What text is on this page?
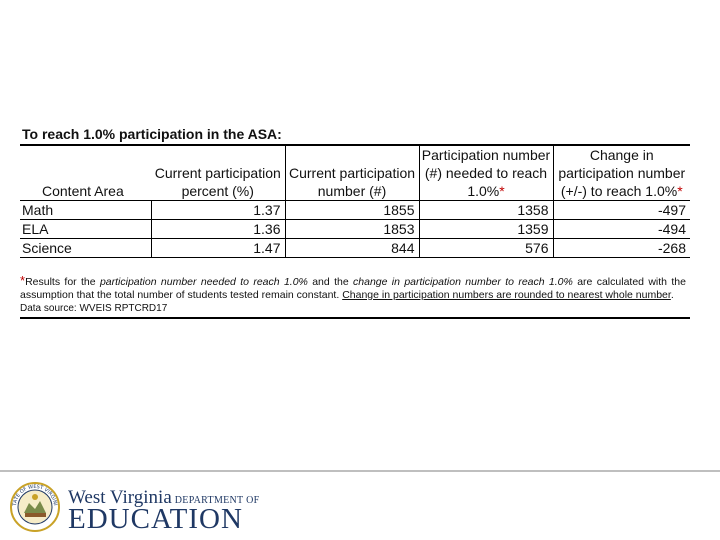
To reach 1.0% participation in the ASA:
Content Area	Current participation percent (%)	Current participation number (#)	Participation number (#) needed to reach 1.0%*	Change in participation number (+/-) to reach 1.0%*
Math	1.37	1855	1358	-497
ELA	1.36	1853	1359	-494
Science	1.47	844	576	-268
*Results for the participation number needed to reach 1.0% and the change in participation number to reach 1.0% are calculated with the assumption that the total number of students tested remain constant. Change in participation numbers are rounded to nearest whole number.
Data source: WVEIS RPTCRD17
TATE OF WEST VIRGINI West Virginia DEPARTMENT OF
EDUCATION
